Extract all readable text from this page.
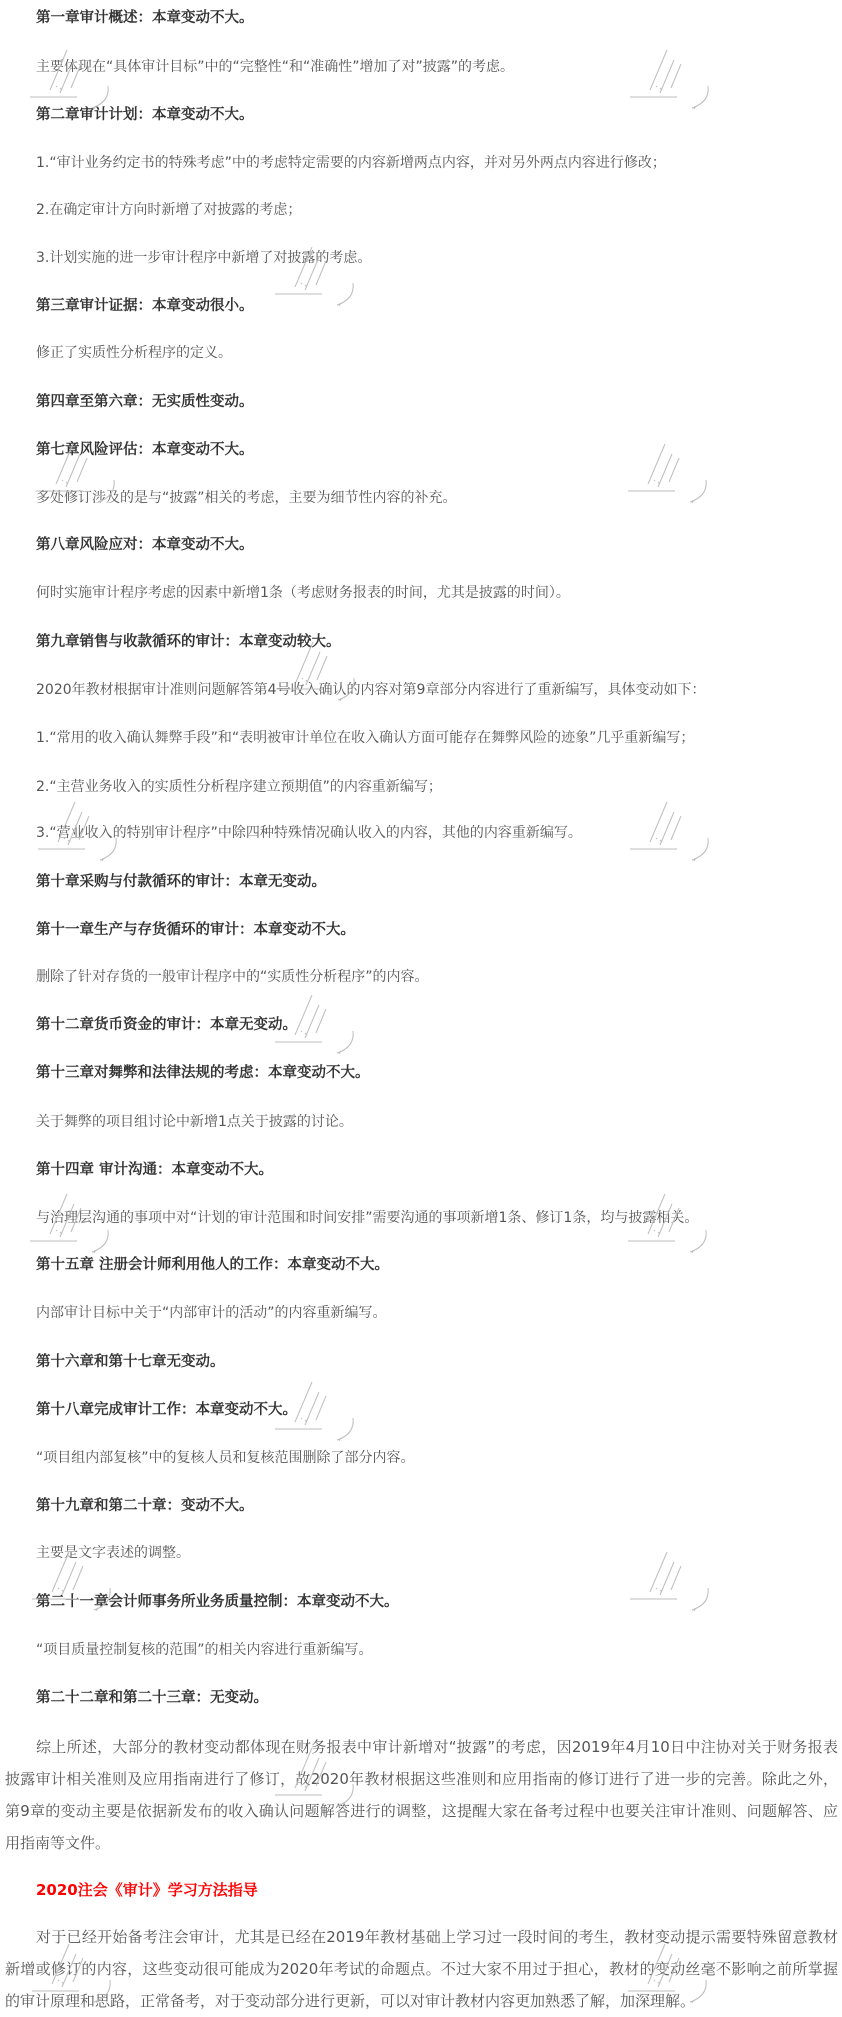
第一章审计概述：本章变动不大。
主要体现在“具体审计目标”中的“完整性“和“准确性”增加了对”披露”的考虑。
第二章审计计划：本章变动不大。
1.“审计业务约定书的特殊考虑”中的考虑特定需要的内容新增两点内容，并对另外两点内容进行修改；
2.在确定审计方向时新增了对披露的考虑；
3.计划实施的进一步审计程序中新增了对披露的考虑。
第三章审计证据：本章变动很小。
修正了实质性分析程序的定义。
第四章至第六章：无实质性变动。
第七章风险评估：本章变动不大。
多处修订涉及的是与“披露”相关的考虑，主要为细节性内容的补充。
第八章风险应对：本章变动不大。
何时实施审计程序考虑的因素中新增1条（考虑财务报表的时间，尤其是披露的时间）。
第九章销售与收款循环的审计：本章变动较大。
2020年教材根据审计准则问题解答第4号收入确认的内容对第9章部分内容进行了重新编写，具体变动如下：
1.“常用的收入确认舞弊手段”和“表明被审计单位在收入确认方面可能存在舞弊风险的迹象”几乎重新编写；
2.“主营业务收入的实质性分析程序建立预期值”的内容重新编写；
3.“营业收入的特别审计程序”中除四种特殊情况确认收入的内容，其他的内容重新编写。
第十章采购与付款循环的审计：本章无变动。
第十一章生产与存货循环的审计：本章变动不大。
删除了针对存货的一般审计程序中的“实质性分析程序”的内容。
第十二章货币资金的审计：本章无变动。
第十三章对舞弊和法律法规的考虑：本章变动不大。
关于舞弊的项目组讨论中新增1点关于披露的讨论。
第十四章 审计沟通：本章变动不大。
与治理层沟通的事项中对“计划的审计范围和时间安排”需要沟通的事项新增1条、修订1条，均与披露相关。
第十五章 注册会计师利用他人的工作：本章变动不大。
内部审计目标中关于“内部审计的活动”的内容重新编写。
第十六章和第十七章无变动。
第十八章完成审计工作：本章变动不大。
“项目组内部复核”中的复核人员和复核范围删除了部分内容。
第十九章和第二十章：变动不大。
主要是文字表述的调整。
第二十一章会计师事务所业务质量控制：本章变动不大。
“项目质量控制复核的范围”的相关内容进行重新编写。
第二十二章和第二十三章：无变动。
综上所述，大部分的教材变动都体现在财务报表中审计新增对“披露”的考虑，因2019年4月10日中注协对关于财务报表披露审计相关准则及应用指南进行了修订，故2020年教材根据这些准则和应用指南的修订进行了进一步的完善。除此之外，第9章的变动主要是依据新发布的收入确认问题解答进行的调整，这提醒大家在备考过程中也要关注审计准则、问题解答、应用指南等文件。
2020注会《审计》学习方法指导
对于已经开始备考注会审计，尤其是已经在2019年教材基础上学习过一段时间的考生，教材变动提示需要特殊留意教材新增或修订的内容，这些变动很可能成为2020年考试的命题点。不过大家不用过于担心，教材的变动丝毫不影响之前所掌握的审计原理和思路，正常备考，对于变动部分进行更新，可以对审计教材内容更加熟悉了解，加深理解。
